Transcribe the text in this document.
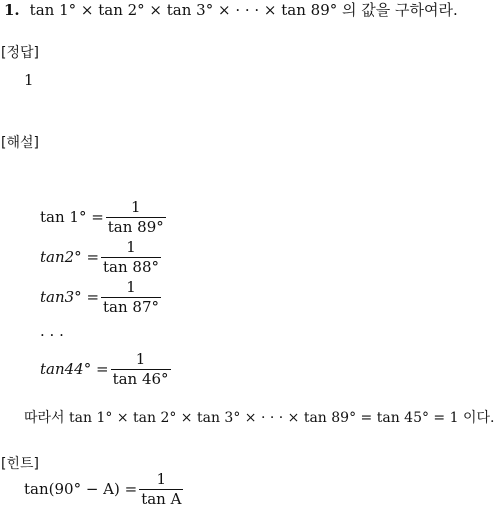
1. tan 1° × tan 2° × tan 3° × · · · × tan 89° 의 값을 구하여라.
[정답]
1
[해설]
$\tan 1^\circ = \frac{1}{\tan 89^\circ}$
$\tan 2^\circ = \frac{1}{\tan 88^\circ}$
$\tan 3^\circ = \frac{1}{\tan 87^\circ}$
· · ·
$\tan 44^\circ = \frac{1}{\tan 46^\circ}$
따라서 tan 1° × tan 2° × tan 3° × · · · × tan 89° = tan 45° = 1 이다.
[힌트]
$\tan(90^\circ - A) = \frac{1}{\text{tan A}}$
